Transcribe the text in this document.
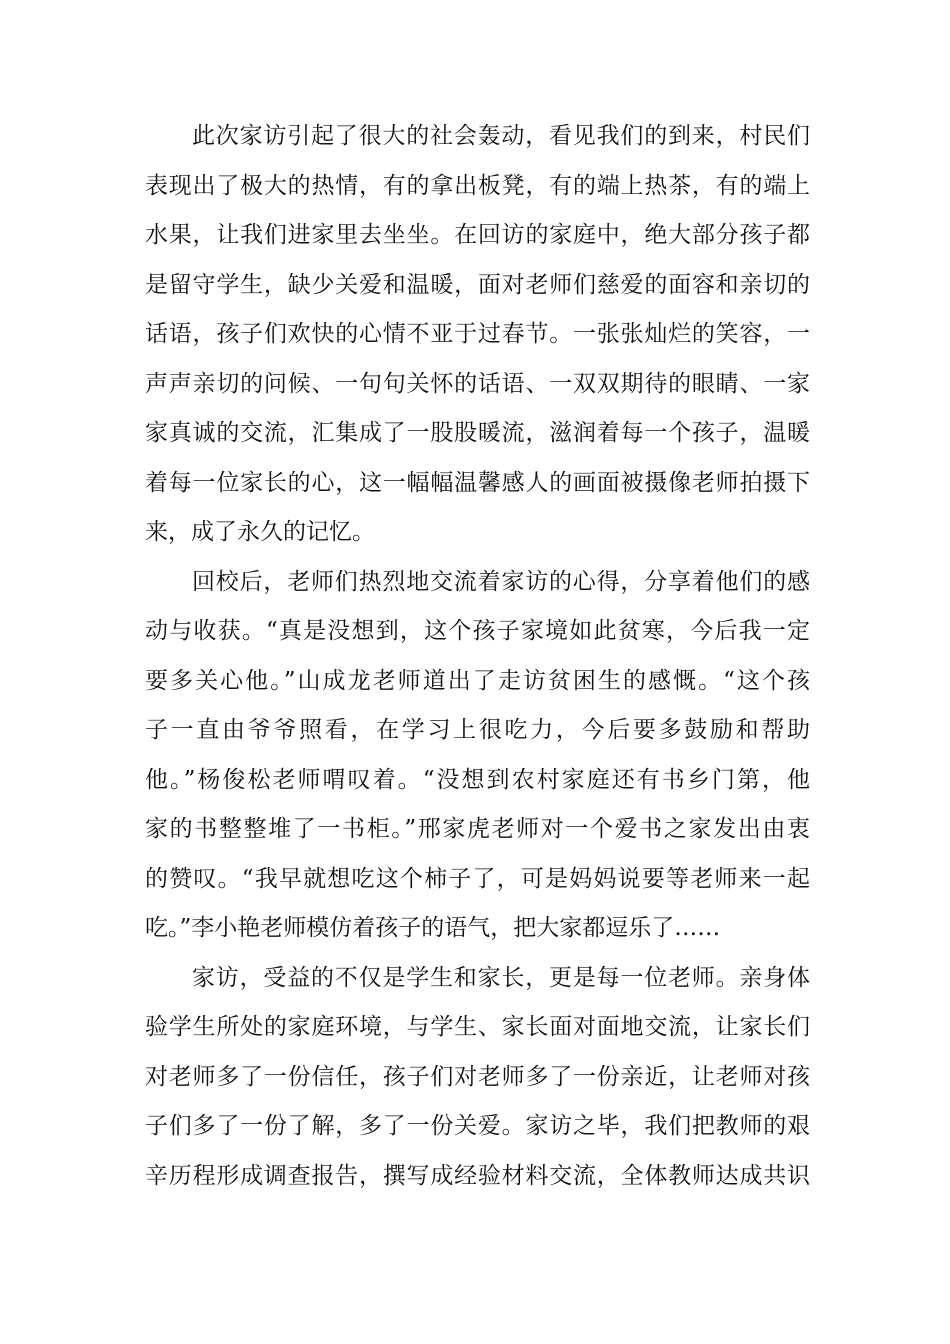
此次家访引起了很大的社会轰动，看见我们的到来，村民们
表现出了极大的热情，有的拿出板凳，有的端上热茶，有的端上
水果，让我们进家里去坐坐。在回访的家庭中，绝大部分孩子都
是留守学生，缺少关爱和温暖，面对老师们慈爱的面容和亲切的
话语，孩子们欢快的心情不亚于过春节。一张张灿烂的笑容，一
声声亲切的问候、一句句关怀的话语、一双双期待的眼睛、一家
家真诚的交流，汇集成了一股股暖流，滋润着每一个孩子，温暖
着每一位家长的心，这一幅幅温馨感人的画面被摄像老师拍摄下
来，成了永久的记忆。
回校后，老师们热烈地交流着家访的心得，分享着他们的感
动与收获。“真是没想到，这个孩子家境如此贫寒，今后我一定
要多关心他。”山成龙老师道出了走访贫困生的感慨。“这个孩
子一直由爷爷照看，在学习上很吃力，今后要多鼓励和帮助
他。”杨俊松老师喟叹着。“没想到农村家庭还有书乡门第，他
家的书整整堆了一书柜。”邢家虎老师对一个爱书之家发出由衷
的赞叹。“我早就想吃这个柿子了，可是妈妈说要等老师来一起
吃。”李小艳老师模仿着孩子的语气，把大家都逗乐了……
家访，受益的不仅是学生和家长，更是每一位老师。亲身体
验学生所处的家庭环境，与学生、家长面对面地交流，让家长们
对老师多了一份信任，孩子们对老师多了一份亲近，让老师对孩
子们多了一份了解，多了一份关爱。家访之毕，我们把教师的艰
辛历程形成调查报告，撰写成经验材料交流，全体教师达成共识
